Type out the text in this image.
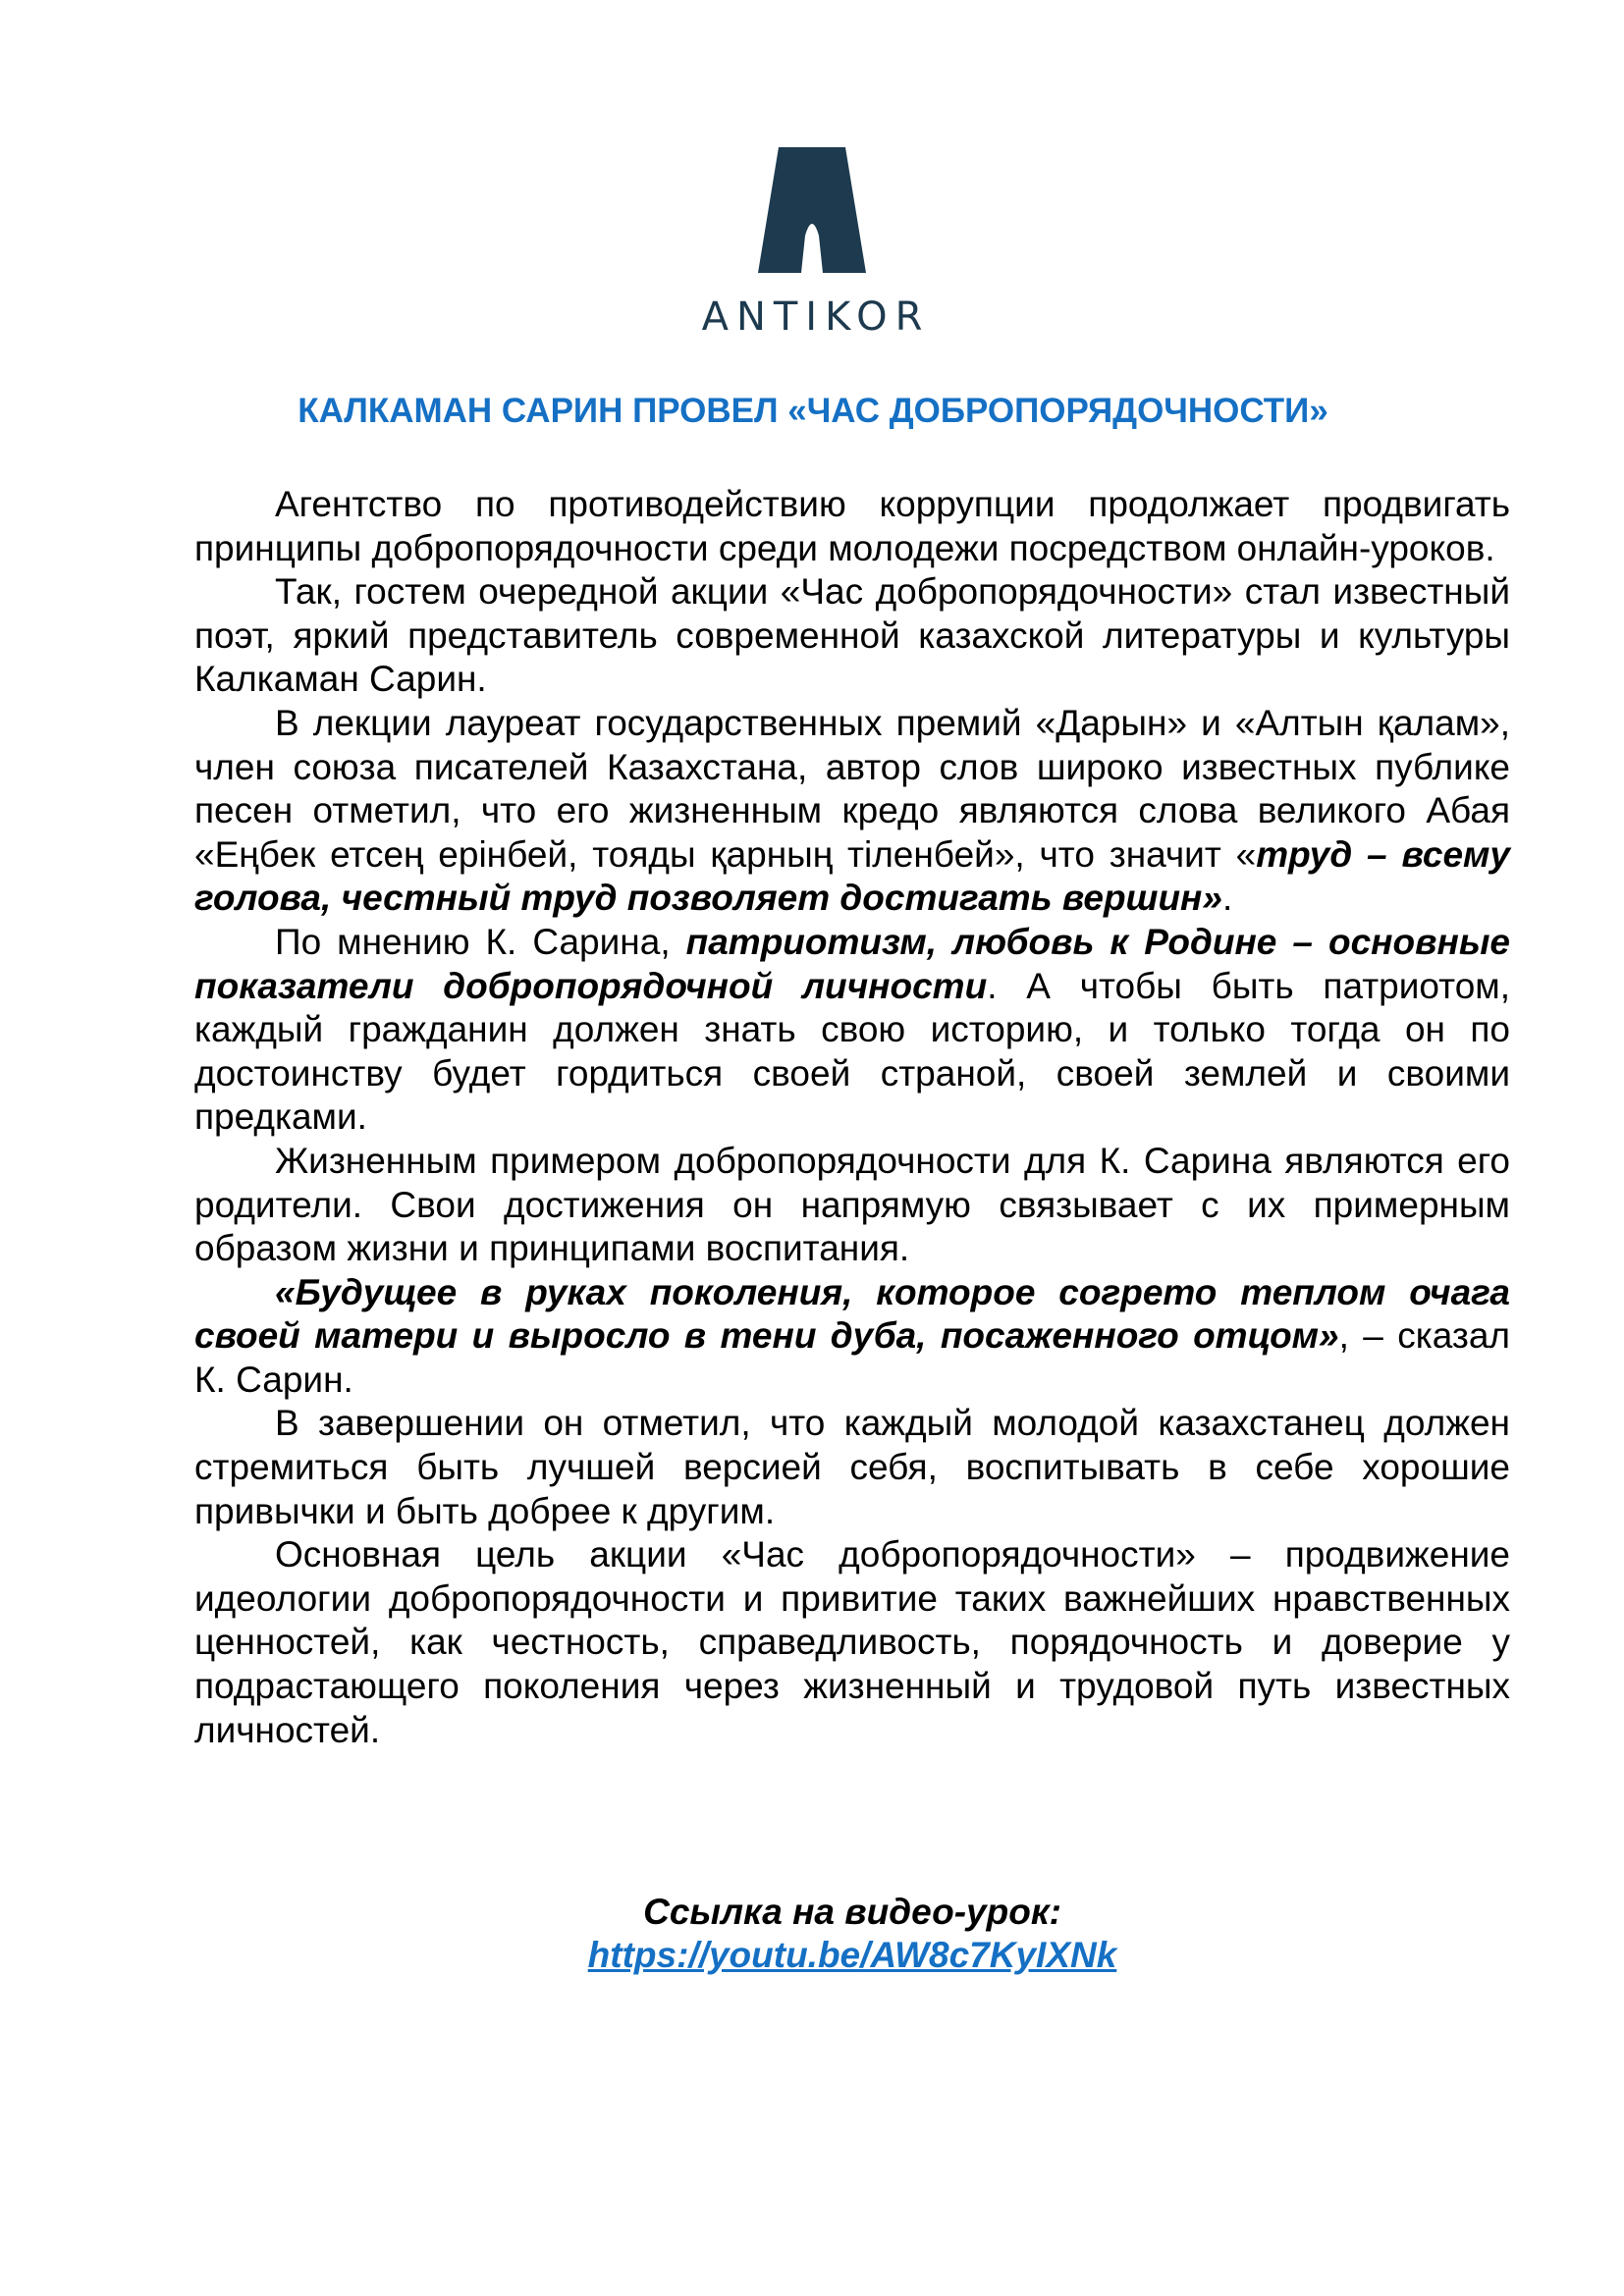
ANTIKOR
КАЛКАМАН САРИН ПРОВЕЛ «ЧАС ДОБРОПОРЯДОЧНОСТИ»

Агентство по противодействию коррупции продолжает продвигать принципы добропорядочности среди молодежи посредством онлайн-уроков.

Так, гостем очередной акции «Час добропорядочности» стал известный поэт, яркий представитель современной казахской литературы и культуры Калкаман Сарин.

В лекции лауреат государственных премий «Дарын» и «Алтын қалам», член союза писателей Казахстана, автор слов широко известных публике песен отметил, что его жизненным кредо являются слова великого Абая «Еңбек етсең ерінбей, тояды қарның тіленбей», что значит «труд – всему голова, честный труд позволяет достигать вершин».

По мнению К. Сарина, патриотизм, любовь к Родине – основные показатели добропорядочной личности. А чтобы быть патриотом, каждый гражданин должен знать свою историю, и только тогда он по достоинству будет гордиться своей страной, своей землей и своими предками.

Жизненным примером добропорядочности для К. Сарина являются его родители. Свои достижения он напрямую связывает с их примерным образом жизни и принципами воспитания.

«Будущее в руках поколения, которое согрето теплом очага своей матери и выросло в тени дуба, посаженного отцом», – сказал К. Сарин.

В завершении он отметил, что каждый молодой казахстанец должен стремиться быть лучшей версией себя, воспитывать в себе хорошие привычки и быть добрее к другим.

Основная цель акции «Час добропорядочности» – продвижение идеологии добропорядочности и привитие таких важнейших нравственных ценностей, как честность, справедливость, порядочность и доверие у подрастающего поколения через жизненный и трудовой путь известных личностей.

Ссылка на видео-урок:
https://youtu.be/AW8c7KyIXNk
